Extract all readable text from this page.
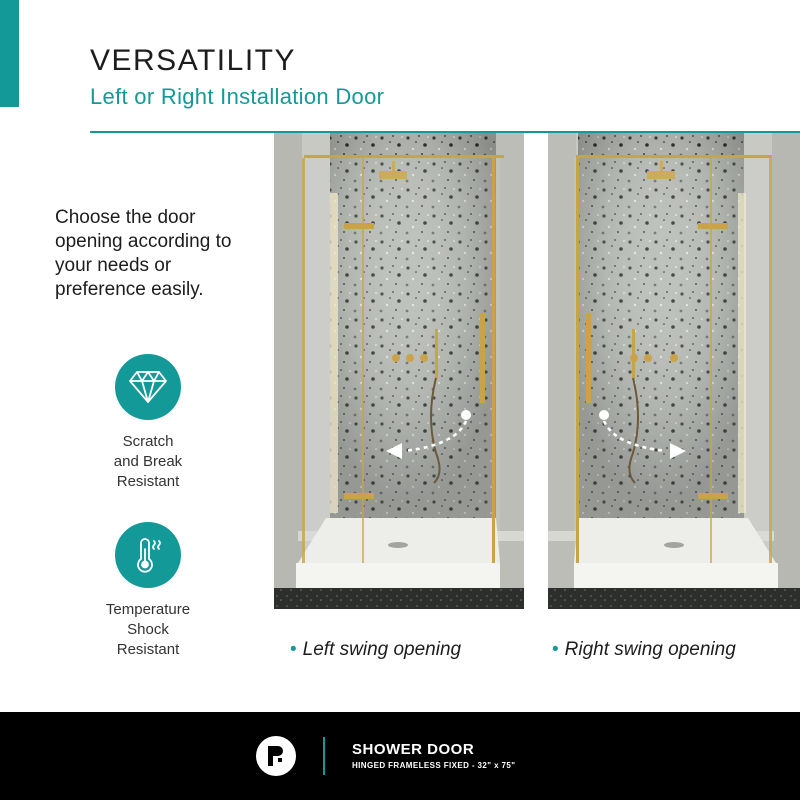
VERSATILITY
Left or Right Installation Door

Choose the door opening according to your needs or preference easily.

Scratch
and Break
Resistant
Temperature
Shock
Resistant	• Left swing opening	• Right swing opening
SHOWER DOOR
HINGED FRAMELESS FIXED - 32" x 75"
